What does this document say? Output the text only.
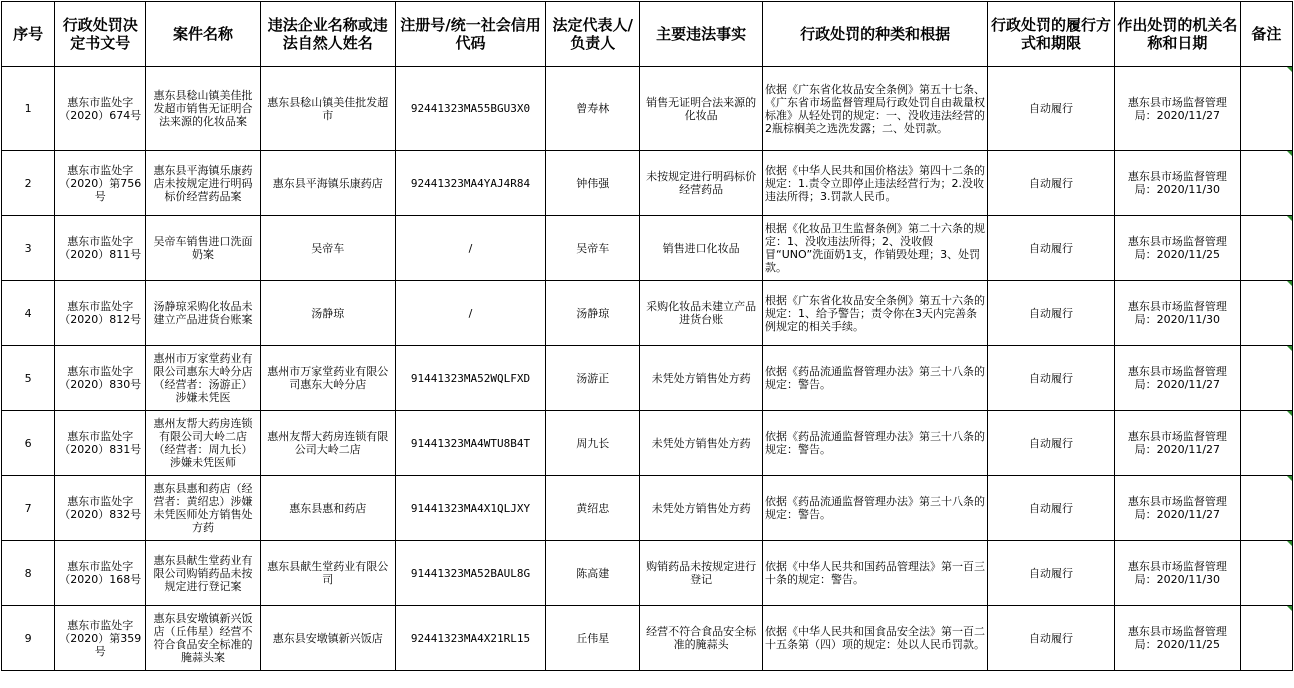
序号	行政处罚决定书文号	案件名称	违法企业名称或违法自然人姓名	注册号/统一社会信用代码	法定代表人/负责人	主要违法事实	行政处罚的种类和根据	行政处罚的履行方式和期限	作出处罚的机关名称和日期	备注
1	惠东市监处字（2020）674号	惠东县稔山镇美佳批发超市销售无证明合法来源的化妆品案	惠东县稔山镇美佳批发超市	92441323MA55BGU3X0	曾寿林	销售无证明合法来源的化妆品	依据《广东省化妆品安全条例》第五十七条、《广东省市场监督管理局行政处罚自由裁量权标准》从轻处罚的规定：一、没收违法经营的2瓶棕榈美之选洗发露；二、处罚款。	自动履行	惠东县市场监督管理局：2020/11/27	
2	惠东市监处字（2020）第756号	惠东县平海镇乐康药店未按规定进行明码标价经营药品案	惠东县平海镇乐康药店	92441323MA4YAJ4R84	钟伟强	未按规定进行明码标价经营药品	依据《中华人民共和国价格法》第四十二条的规定：1.责令立即停止违法经营行为；2.没收违法所得；3.罚款人民币。	自动履行	惠东县市场监督管理局：2020/11/30	
3	惠东市监处字（2020）811号	吴帝车销售进口洗面奶案	吴帝车	/	吴帝车	销售进口化妆品	根据《化妆品卫生监督条例》第二十六条的规定：1、没收违法所得；2、没收假冒“UNO”洗面奶1支，作销毁处理；3、处罚款。	自动履行	惠东县市场监督管理局：2020/11/25	
4	惠东市监处字（2020）812号	汤静琼采购化妆品未建立产品进货台账案	汤静琼	/	汤静琼	采购化妆品未建立产品进货台账	根据《广东省化妆品安全条例》第五十六条的规定：1、给予警告；责令你在3天内完善条例规定的相关手续。	自动履行	惠东县市场监督管理局：2020/11/30	
5	惠东市监处字（2020）830号	惠州市万家堂药业有限公司惠东大岭分店（经营者：汤游正）涉嫌未凭医	惠州市万家堂药业有限公司惠东大岭分店	91441323MA52WQLFXD	汤游正	未凭处方销售处方药	依据《药品流通监督管理办法》第三十八条的规定：警告。	自动履行	惠东县市场监督管理局：2020/11/27	
6	惠东市监处字（2020）831号	惠州友帮大药房连锁有限公司大岭二店（经营者：周九长）涉嫌未凭医师	惠州友帮大药房连锁有限公司大岭二店	91441323MA4WTU8B4T	周九长	未凭处方销售处方药	依据《药品流通监督管理办法》第三十八条的规定：警告。	自动履行	惠东县市场监督管理局：2020/11/27	
7	惠东市监处字（2020）832号	惠东县惠和药店（经营者：黄绍忠）涉嫌未凭医师处方销售处方药	惠东县惠和药店	91441323MA4X1QLJXY	黄绍忠	未凭处方销售处方药	依据《药品流通监督管理办法》第三十八条的规定：警告。	自动履行	惠东县市场监督管理局：2020/11/27	
8	惠东市监处字（2020）168号	惠东县献生堂药业有限公司购销药品未按规定进行登记案	惠东县献生堂药业有限公司	91441323MA52BAUL8G	陈高建	购销药品未按规定进行登记	依据《中华人民共和国药品管理法》第一百三十条的规定：警告。	自动履行	惠东县市场监督管理局：2020/11/30	
9	惠东市监处字（2020）第359号	惠东县安墩镇新兴饭店（丘伟星）经营不符合食品安全标准的腌蒜头案	惠东县安墩镇新兴饭店	92441323MA4X21RL15	丘伟星	经营不符合食品安全标准的腌蒜头	依据《中华人民共和国食品安全法》第一百二十五条第（四）项的规定：处以人民币罚款。	自动履行	惠东县市场监督管理局：2020/11/25	
